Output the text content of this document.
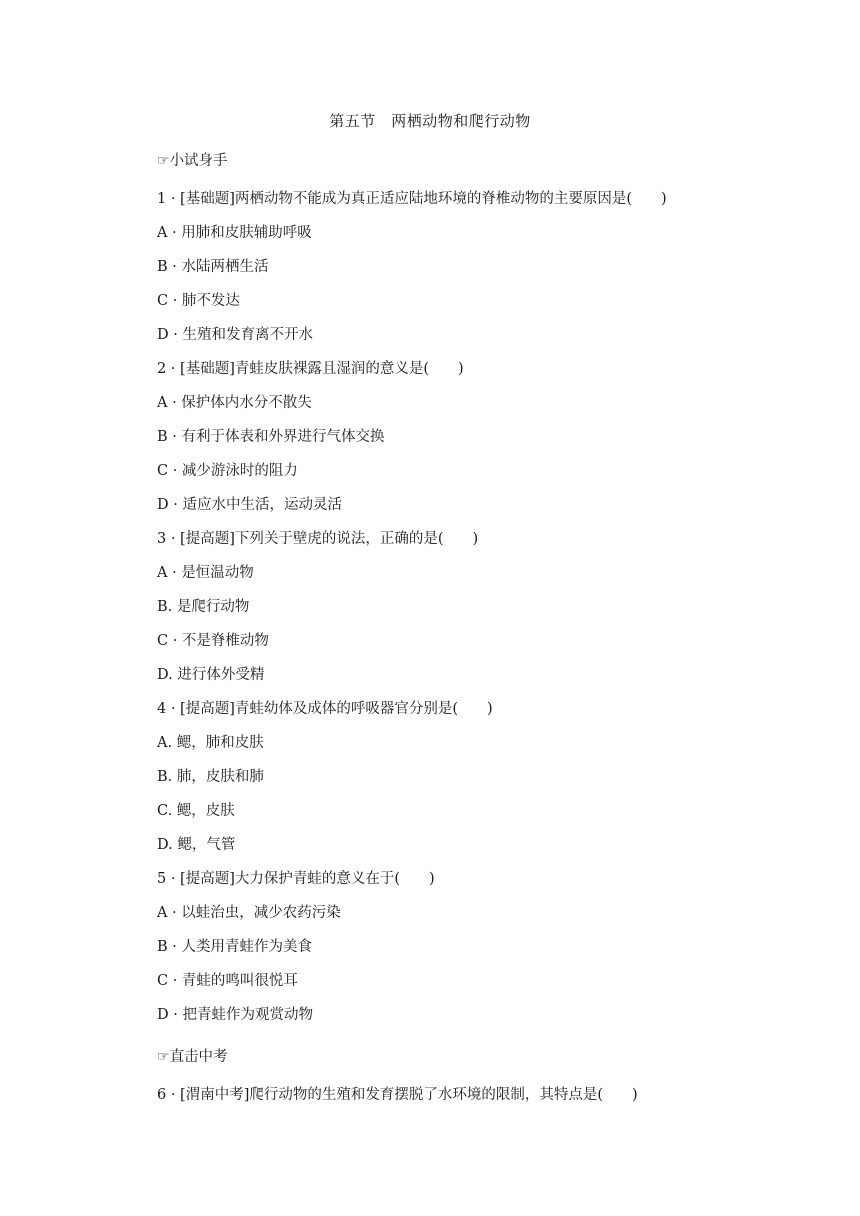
第五节　两栖动物和爬行动物
☞小试身手
1 · [基础题]两栖动物不能成为真正适应陆地环境的脊椎动物的主要原因是(　　)
A · 用肺和皮肤辅助呼吸
B · 水陆两栖生活
C · 肺不发达
D · 生殖和发育离不开水
2 · [基础题]青蛙皮肤裸露且湿润的意义是(　　)
A · 保护体内水分不散失
B · 有利于体表和外界进行气体交换
C · 减少游泳时的阻力
D · 适应水中生活，运动灵活
3 · [提高题]下列关于壁虎的说法，正确的是(　　)
A · 是恒温动物
B. 是爬行动物
C · 不是脊椎动物
D. 进行体外受精
4 · [提高题]青蛙幼体及成体的呼吸器官分别是(　　)
A. 鳃，肺和皮肤
B. 肺，皮肤和肺
C. 鳃，皮肤
D. 鳃，气管
5 · [提高题]大力保护青蛙的意义在于(　　)
A · 以蛙治虫，减少农药污染
B · 人类用青蛙作为美食
C · 青蛙的鸣叫很悦耳
D · 把青蛙作为观赏动物
☞直击中考
6 · [渭南中考]爬行动物的生殖和发育摆脱了水环境的限制，其特点是(　　)
